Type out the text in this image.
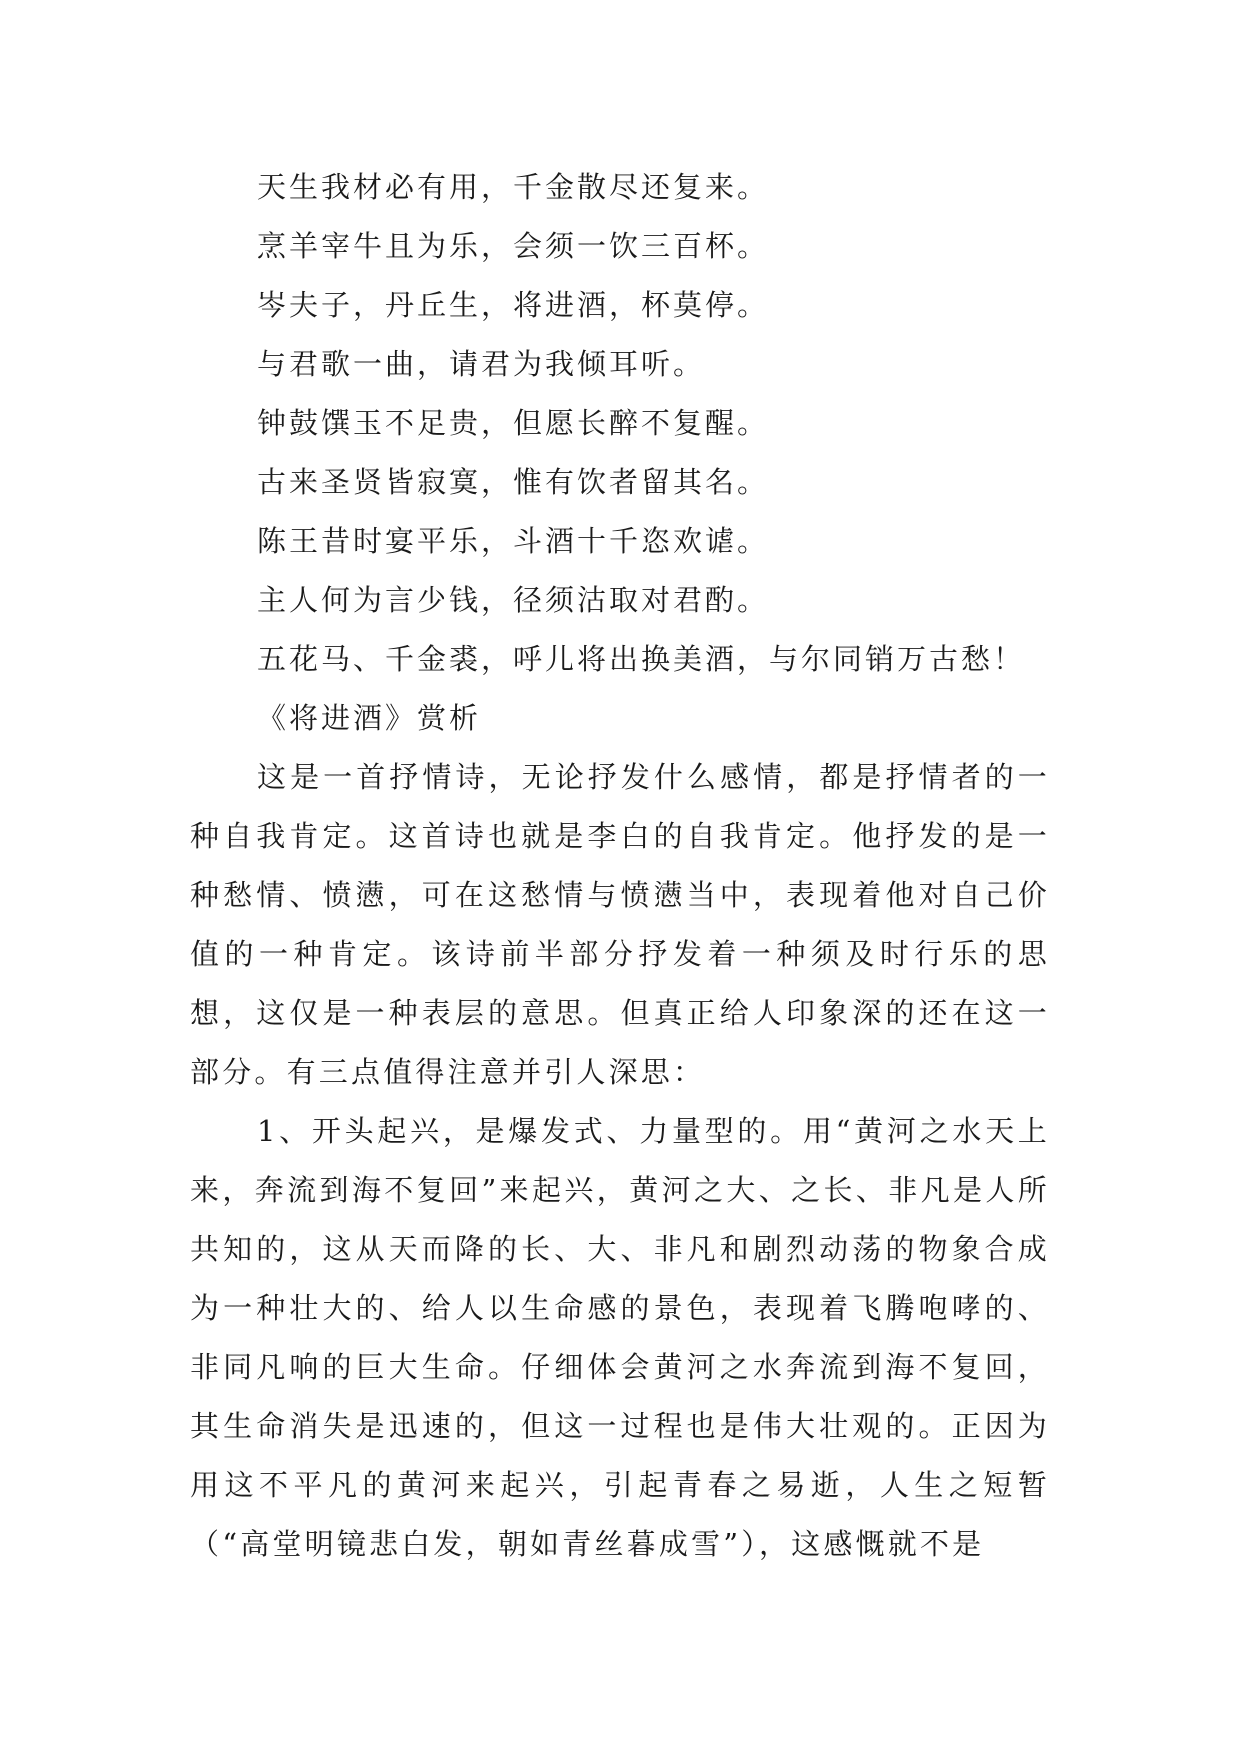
天生我材必有用，千金散尽还复来。
烹羊宰牛且为乐，会须一饮三百杯。
岑夫子，丹丘生，将进酒，杯莫停。
与君歌一曲，请君为我倾耳听。
钟鼓馔玉不足贵，但愿长醉不复醒。
古来圣贤皆寂寞，惟有饮者留其名。
陈王昔时宴平乐，斗酒十千恣欢谑。
主人何为言少钱，径须沽取对君酌。
五花马、千金裘，呼儿将出换美酒，与尔同销万古愁！
《将进酒》赏析

这是一首抒情诗，无论抒发什么感情，都是抒情者的一种自我肯定。这首诗也就是李白的自我肯定。他抒发的是一种愁情、愤懑，可在这愁情与愤懑当中，表现着他对自己价值的一种肯定。该诗前半部分抒发着一种须及时行乐的思想，这仅是一种表层的意思。但真正给人印象深的还在这一部分。有三点值得注意并引人深思：

1、开头起兴，是爆发式、力量型的。用“黄河之水天上来，奔流到海不复回”来起兴，黄河之大、之长、非凡是人所共知的，这从天而降的长、大、非凡和剧烈动荡的物象合成为一种壮大的、给人以生命感的景色，表现着飞腾咆哮的、非同凡响的巨大生命。仔细体会黄河之水奔流到海不复回，其生命消失是迅速的，但这一过程也是伟大壮观的。正因为用这不平凡的黄河来起兴，引起青春之易逝，人生之短暂（“高堂明镜悲白发，朝如青丝暮成雪”），这感慨就不是
